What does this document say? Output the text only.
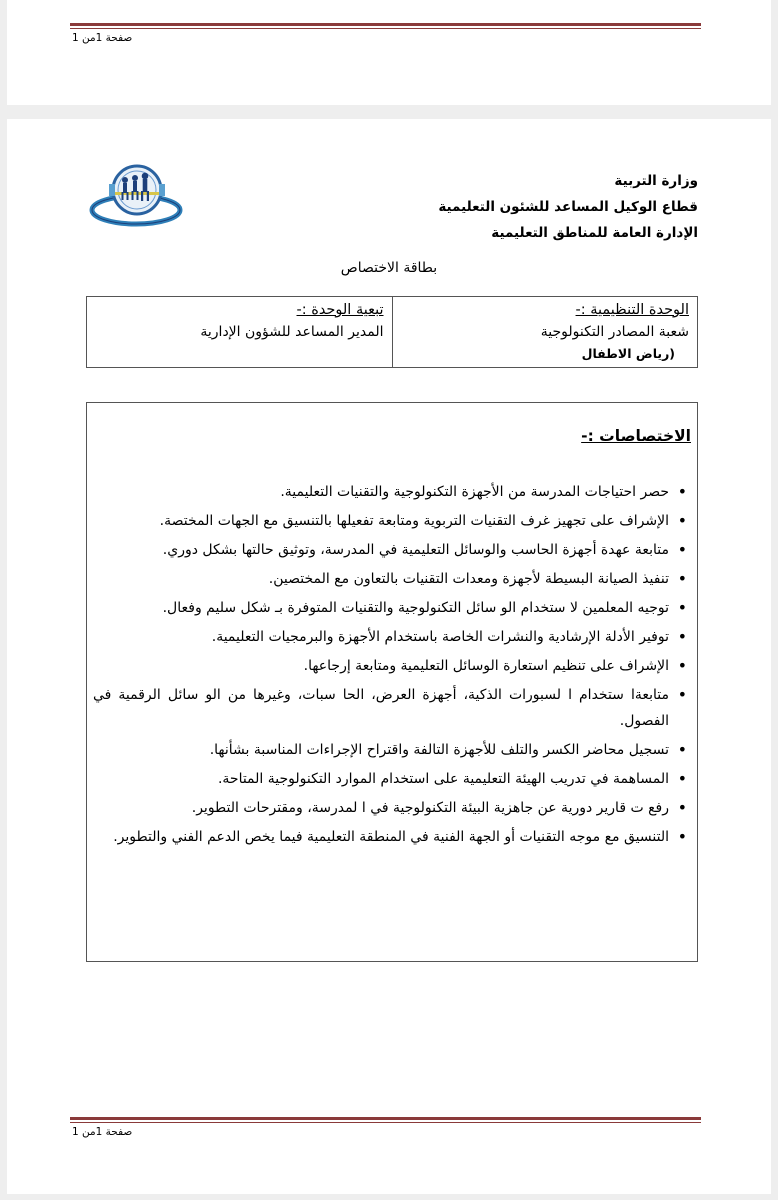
صفحة 1من 1
وزارة التربية
قطاع الوكيل المساعد للشئون التعليمية
الإدارة العامة للمناطق التعليمية
بطاقة الاختصاص
الوحدة التنظيمية :-
شعبة المصادر التكنولوجية
(رياض الاطفال
تبعية الوحدة :-
المدير المساعد للشؤون الإدارية
الاختصاصات :-
• حصر احتياجات المدرسة من الأجهزة التكنولوجية والتقنيات التعليمية.
• الإشراف على تجهيز غرف التقنيات التربوية ومتابعة تفعيلها بالتنسيق مع الجهات المختصة.
• متابعة عهدة أجهزة الحاسب والوسائل التعليمية في المدرسة، وتوثيق حالتها بشكل دوري.
• تنفيذ الصيانة البسيطة لأجهزة ومعدات التقنيات بالتعاون مع المختصين.
• توجيه المعلمين لا ستخدام الو سائل التكنولوجية والتقنيات المتوفرة بـ شكل سليم وفعال.
• توفير الأدلة الإرشادية والنشرات الخاصة باستخدام الأجهزة والبرمجيات التعليمية.
• الإشراف على تنظيم استعارة الوسائل التعليمية ومتابعة إرجاعها.
• متابعةا ستخدام ا لسبورات الذكية، أجهزة العرض، الحا سبات، وغيرها من الو سائل الرقمية في الفصول.
• تسجيل محاضر الكسر والتلف للأجهزة التالفة واقتراح الإجراءات المناسبة بشأنها.
• المساهمة في تدريب الهيئة التعليمية على استخدام الموارد التكنولوجية المتاحة.
• رفع ت قارير دورية عن جاهزية البيئة التكنولوجية في ا لمدرسة، ومقترحات التطوير.
• التنسيق مع موجه التقنيات أو الجهة الفنية في المنطقة التعليمية فيما يخص الدعم الفني والتطوير.
صفحة 1من 1
